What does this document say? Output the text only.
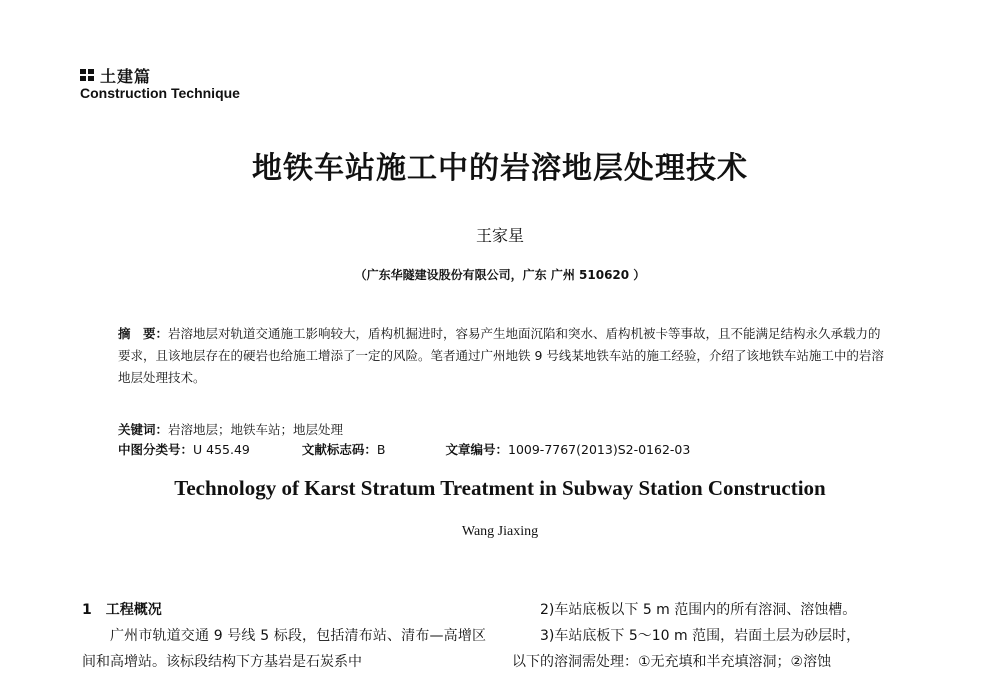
土建篇
Construction Technique
地铁车站施工中的岩溶地层处理技术
王家星
（广东华隧建设股份有限公司，广东 广州 510620 ）
摘　要：岩溶地层对轨道交通施工影响较大，盾构机掘进时，容易产生地面沉陷和突水、盾构机被卡等事故，且不能满足结构永久承载力的要求，且该地层存在的硬岩也给施工增添了一定的风险。笔者通过广州地铁 9 号线某地铁车站的施工经验，介绍了该地铁车站施工中的岩溶地层处理技术。
关键词：岩溶地层；地铁车站；地层处理
中图分类号：U 455.49	文献标志码：B	文章编号：1009-7767(2013)S2-0162-03
Technology of Karst Stratum Treatment in Subway Station Construction
Wang Jiaxing
1　工程概况
广州市轨道交通 9 号线 5 标段，包括清布站、清布—高增区间和高增站。该标段结构下方基岩是石炭系中
2)车站底板以下 5 m 范围内的所有溶洞、溶蚀槽。
3)车站底板下 5～10 m 范围，岩面土层为砂层时，
以下的溶洞需处理：①无充填和半充填溶洞；②溶蚀
